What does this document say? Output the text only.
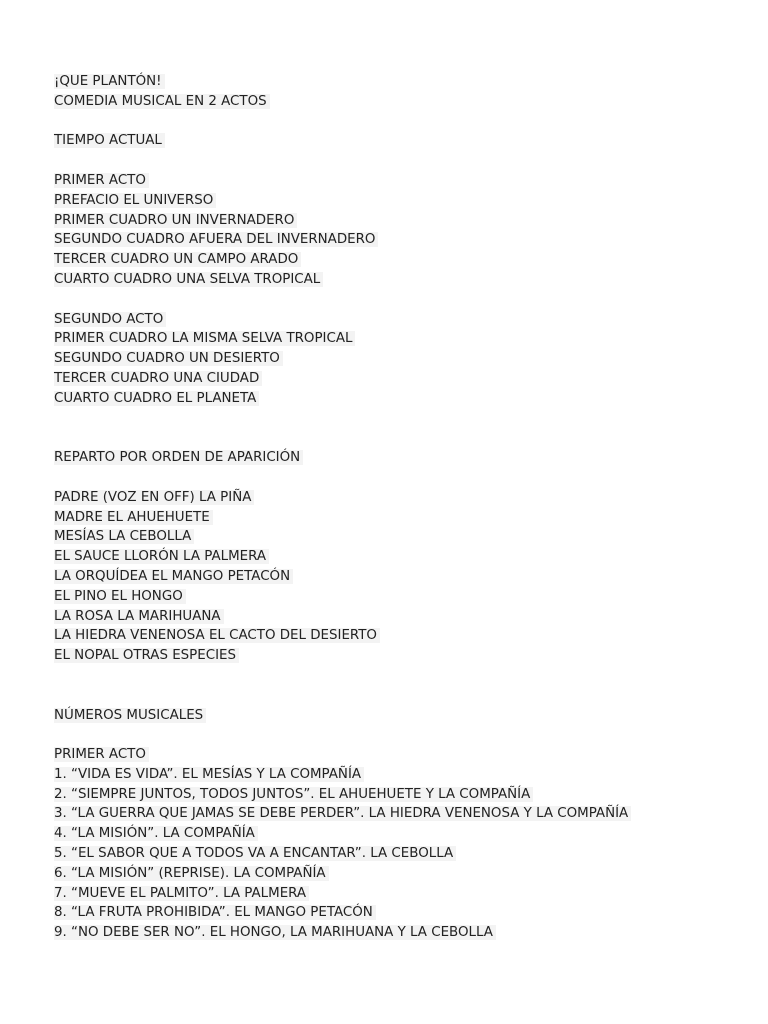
¡QUE PLANTÓN!
COMEDIA MUSICAL EN 2 ACTOS
TIEMPO ACTUAL
PRIMER ACTO
PREFACIO EL UNIVERSO
PRIMER CUADRO UN INVERNADERO
SEGUNDO CUADRO AFUERA DEL INVERNADERO
TERCER CUADRO UN CAMPO ARADO
CUARTO CUADRO UNA SELVA TROPICAL
SEGUNDO ACTO
PRIMER CUADRO LA MISMA SELVA TROPICAL
SEGUNDO CUADRO UN DESIERTO
TERCER CUADRO UNA CIUDAD
CUARTO CUADRO EL PLANETA
REPARTO POR ORDEN DE APARICIÓN
PADRE (VOZ EN OFF) LA PIÑA
MADRE EL AHUEHUETE
MESÍAS LA CEBOLLA
EL SAUCE LLORÓN LA PALMERA
LA ORQUÍDEA EL MANGO PETACÓN
EL PINO EL HONGO
LA ROSA LA MARIHUANA
LA HIEDRA VENENOSA EL CACTO DEL DESIERTO
EL NOPAL OTRAS ESPECIES
NÚMEROS MUSICALES
PRIMER ACTO
1. “VIDA ES VIDA”. EL MESÍAS Y LA COMPAÑÍA
2. “SIEMPRE JUNTOS, TODOS JUNTOS”. EL AHUEHUETE Y LA COMPAÑÍA
3. “LA GUERRA QUE JAMAS SE DEBE PERDER”. LA HIEDRA VENENOSA Y LA COMPAÑÍA
4. “LA MISIÓN”. LA COMPAÑÍA
5. “EL SABOR QUE A TODOS VA A ENCANTAR”. LA CEBOLLA
6. “LA MISIÓN” (REPRISE). LA COMPAÑÍA
7. “MUEVE EL PALMITO”. LA PALMERA
8. “LA FRUTA PROHIBIDA”. EL MANGO PETACÓN
9. “NO DEBE SER NO”. EL HONGO, LA MARIHUANA Y LA CEBOLLA
